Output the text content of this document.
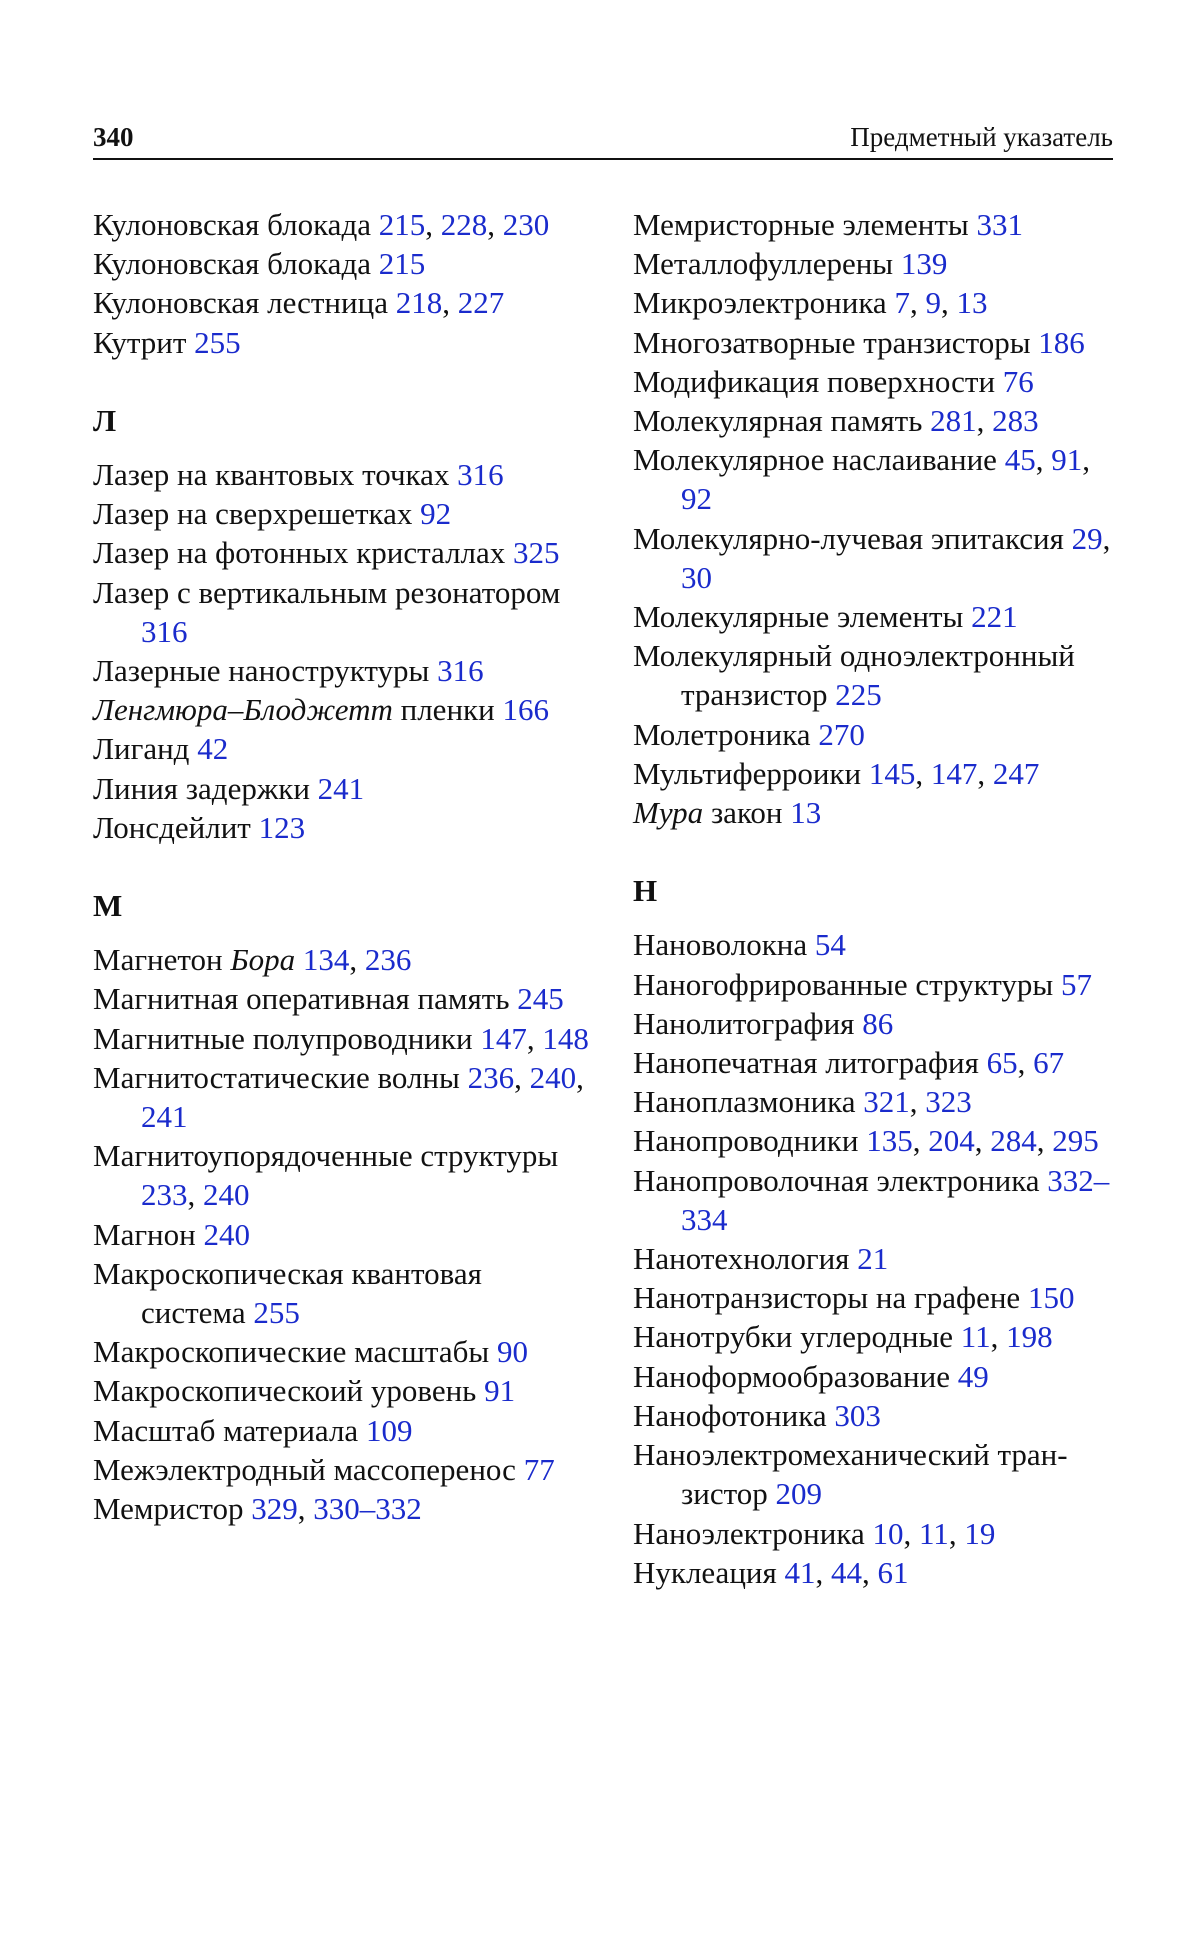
340	Предметный указатель
Кулоновская блокада 215, 228, 230
Кулоновская блокада 215
Кулоновская лестница 218, 227
Кутрит 255
Л
Лазер на квантовых точках 316
Лазер на сверхрешетках 92
Лазер на фотонных кристаллах 325
Лазер с вертикальным резонатором 316
Лазерные наноструктуры 316
Ленгмюра–Блоджетт пленки 166
Лиганд 42
Линия задержки 241
Лонсдейлит 123
М
Магнетон Бора 134, 236
Магнитная оперативная память 245
Магнитные полупроводники 147, 148
Магнитостатические волны 236, 240, 241
Магнитоупорядоченные структуры 233, 240
Магнон 240
Макроскопическая квантовая система 255
Макроскопические масштабы 90
Макроскопическоий уровень 91
Масштаб материала 109
Межэлектродный массоперенос 77
Мемристор 329, 330–332
Мемристорные элементы 331
Металлофуллерены 139
Микроэлектроника 7, 9, 13
Многозатворные транзисторы 186
Модификация поверхности 76
Молекулярная память 281, 283
Молекулярное наслаивание 45, 91, 92
Молекулярно-лучевая эпитаксия 29, 30
Молекулярные элементы 221
Молекулярный одноэлектронный транзистор 225
Молетроника 270
Мультиферроики 145, 147, 247
Мура закон 13
Н
Нановолокна 54
Наногофрированные структуры 57
Нанолитография 86
Нанопечатная литография 65, 67
Наноплазмоника 321, 323
Нанопроводники 135, 204, 284, 295
Нанопроволочная электроника 332–334
Нанотехнология 21
Нанотранзисторы на графене 150
Нанотрубки углеродные 11, 198
Наноформообразование 49
Нанофотоника 303
Наноэлектромеханический транзистор 209
Наноэлектроника 10, 11, 19
Нуклеация 41, 44, 61
